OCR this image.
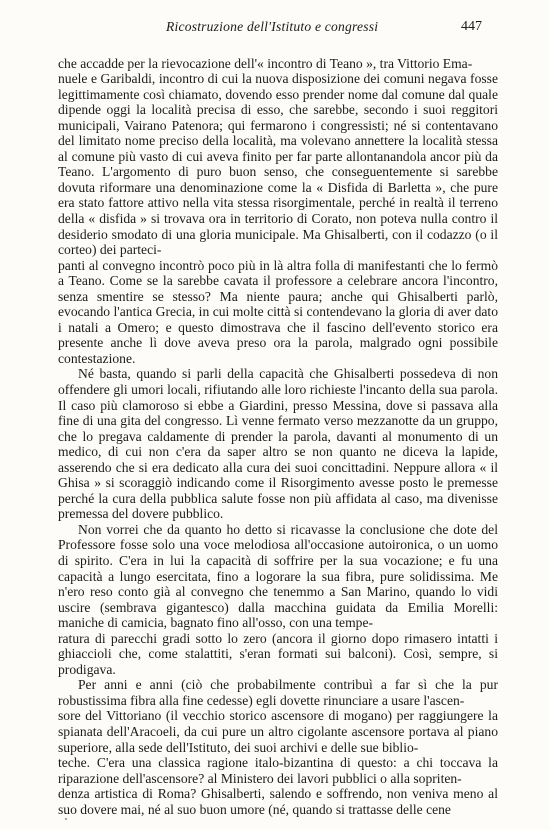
Ricostruzione dell'Istituto e congressi	447

che accadde per la rievocazione dell'« incontro di Teano », tra Vittorio Ema-
nuele e Garibaldi, incontro di cui la nuova disposizione dei comuni negava fosse legittimamente così chiamato, dovendo esso prender nome dal comune dal quale dipende oggi la località precisa di esso, che sarebbe, secondo i suoi reggitori municipali, Vairano Patenora; qui fermarono i congressisti; né si contentavano del limitato nome preciso della località, ma volevano annettere la località stessa al comune più vasto di cui aveva finito per far parte allontanandola ancor più da Teano. L'argomento di puro buon senso, che conseguentemente si sarebbe dovuta riformare una denominazione come la « Disfida di Barletta », che pure era stato fattore attivo nella vita stessa risorgimentale, perché in realtà il terreno della « disfida » si trovava ora in territorio di Corato, non poteva nulla contro il desiderio smodato di una gloria municipale. Ma Ghisalberti, con il codazzo (o il corteo) dei parteci-
panti al convegno incontrò poco più in là altra folla di manifestanti che lo fermò a Teano. Come se la sarebbe cavata il professore a celebrare ancora l'incontro, senza smentire se stesso? Ma niente paura; anche qui Ghisalberti parlò, evocando l'antica Grecia, in cui molte città si contendevano la gloria di aver dato i natali a Omero; e questo dimostrava che il fascino dell'evento storico era presente anche lì dove aveva preso ora la parola, malgrado ogni possibile contestazione.

Né basta, quando si parli della capacità che Ghisalberti possedeva di non offendere gli umori locali, rifiutando alle loro richieste l'incanto della sua parola. Il caso più clamoroso si ebbe a Giardini, presso Messina, dove si passava alla fine di una gita del congresso. Lì venne fermato verso mezzanotte da un gruppo, che lo pregava caldamente di prender la parola, davanti al monumento di un medico, di cui non c'era da saper altro se non quanto ne diceva la lapide, asserendo che si era dedicato alla cura dei suoi concittadini. Neppure allora « il Ghisa » si scoraggiò indicando come il Risorgimento avesse posto le premesse perché la cura della pubblica salute fosse non più affidata al caso, ma divenisse premessa del dovere pubblico.

Non vorrei che da quanto ho detto si ricavasse la conclusione che dote del Professore fosse solo una voce melodiosa all'occasione autoironica, o un uomo di spirito. C'era in lui la capacità di soffrire per la sua vocazione; e fu una capacità a lungo esercitata, fino a logorare la sua fibra, pure solidissima. Me n'ero reso conto già al convegno che tenemmo a San Marino, quando lo vidi uscire (sembrava gigantesco) dalla macchina guidata da Emilia Morelli: maniche di camicia, bagnato fino all'osso, con una tempe-
ratura di parecchi gradi sotto lo zero (ancora il giorno dopo rimasero intatti i ghiaccioli che, come stalattiti, s'eran formati sui balconi). Così, sempre, si prodigava.

Per anni e anni (ciò che probabilmente contribuì a far sì che la pur robustissima fibra alla fine cedesse) egli dovette rinunciare a usare l'ascen-
sore del Vittoriano (il vecchio storico ascensore di mogano) per raggiungere la spianata dell'Aracoeli, da cui pure un altro cigolante ascensore portava al piano superiore, alla sede dell'Istituto, dei suoi archivi e delle sue biblio-
teche. C'era una classica ragione italo-bizantina di questo: a chi toccava la riparazione dell'ascensore? al Ministero dei lavori pubblici o alla sopriten-
denza artistica di Roma? Ghisalberti, salendo e soffrendo, non veniva meno al suo dovere mai, né al suo buon umore (né, quando si trattasse delle cene
